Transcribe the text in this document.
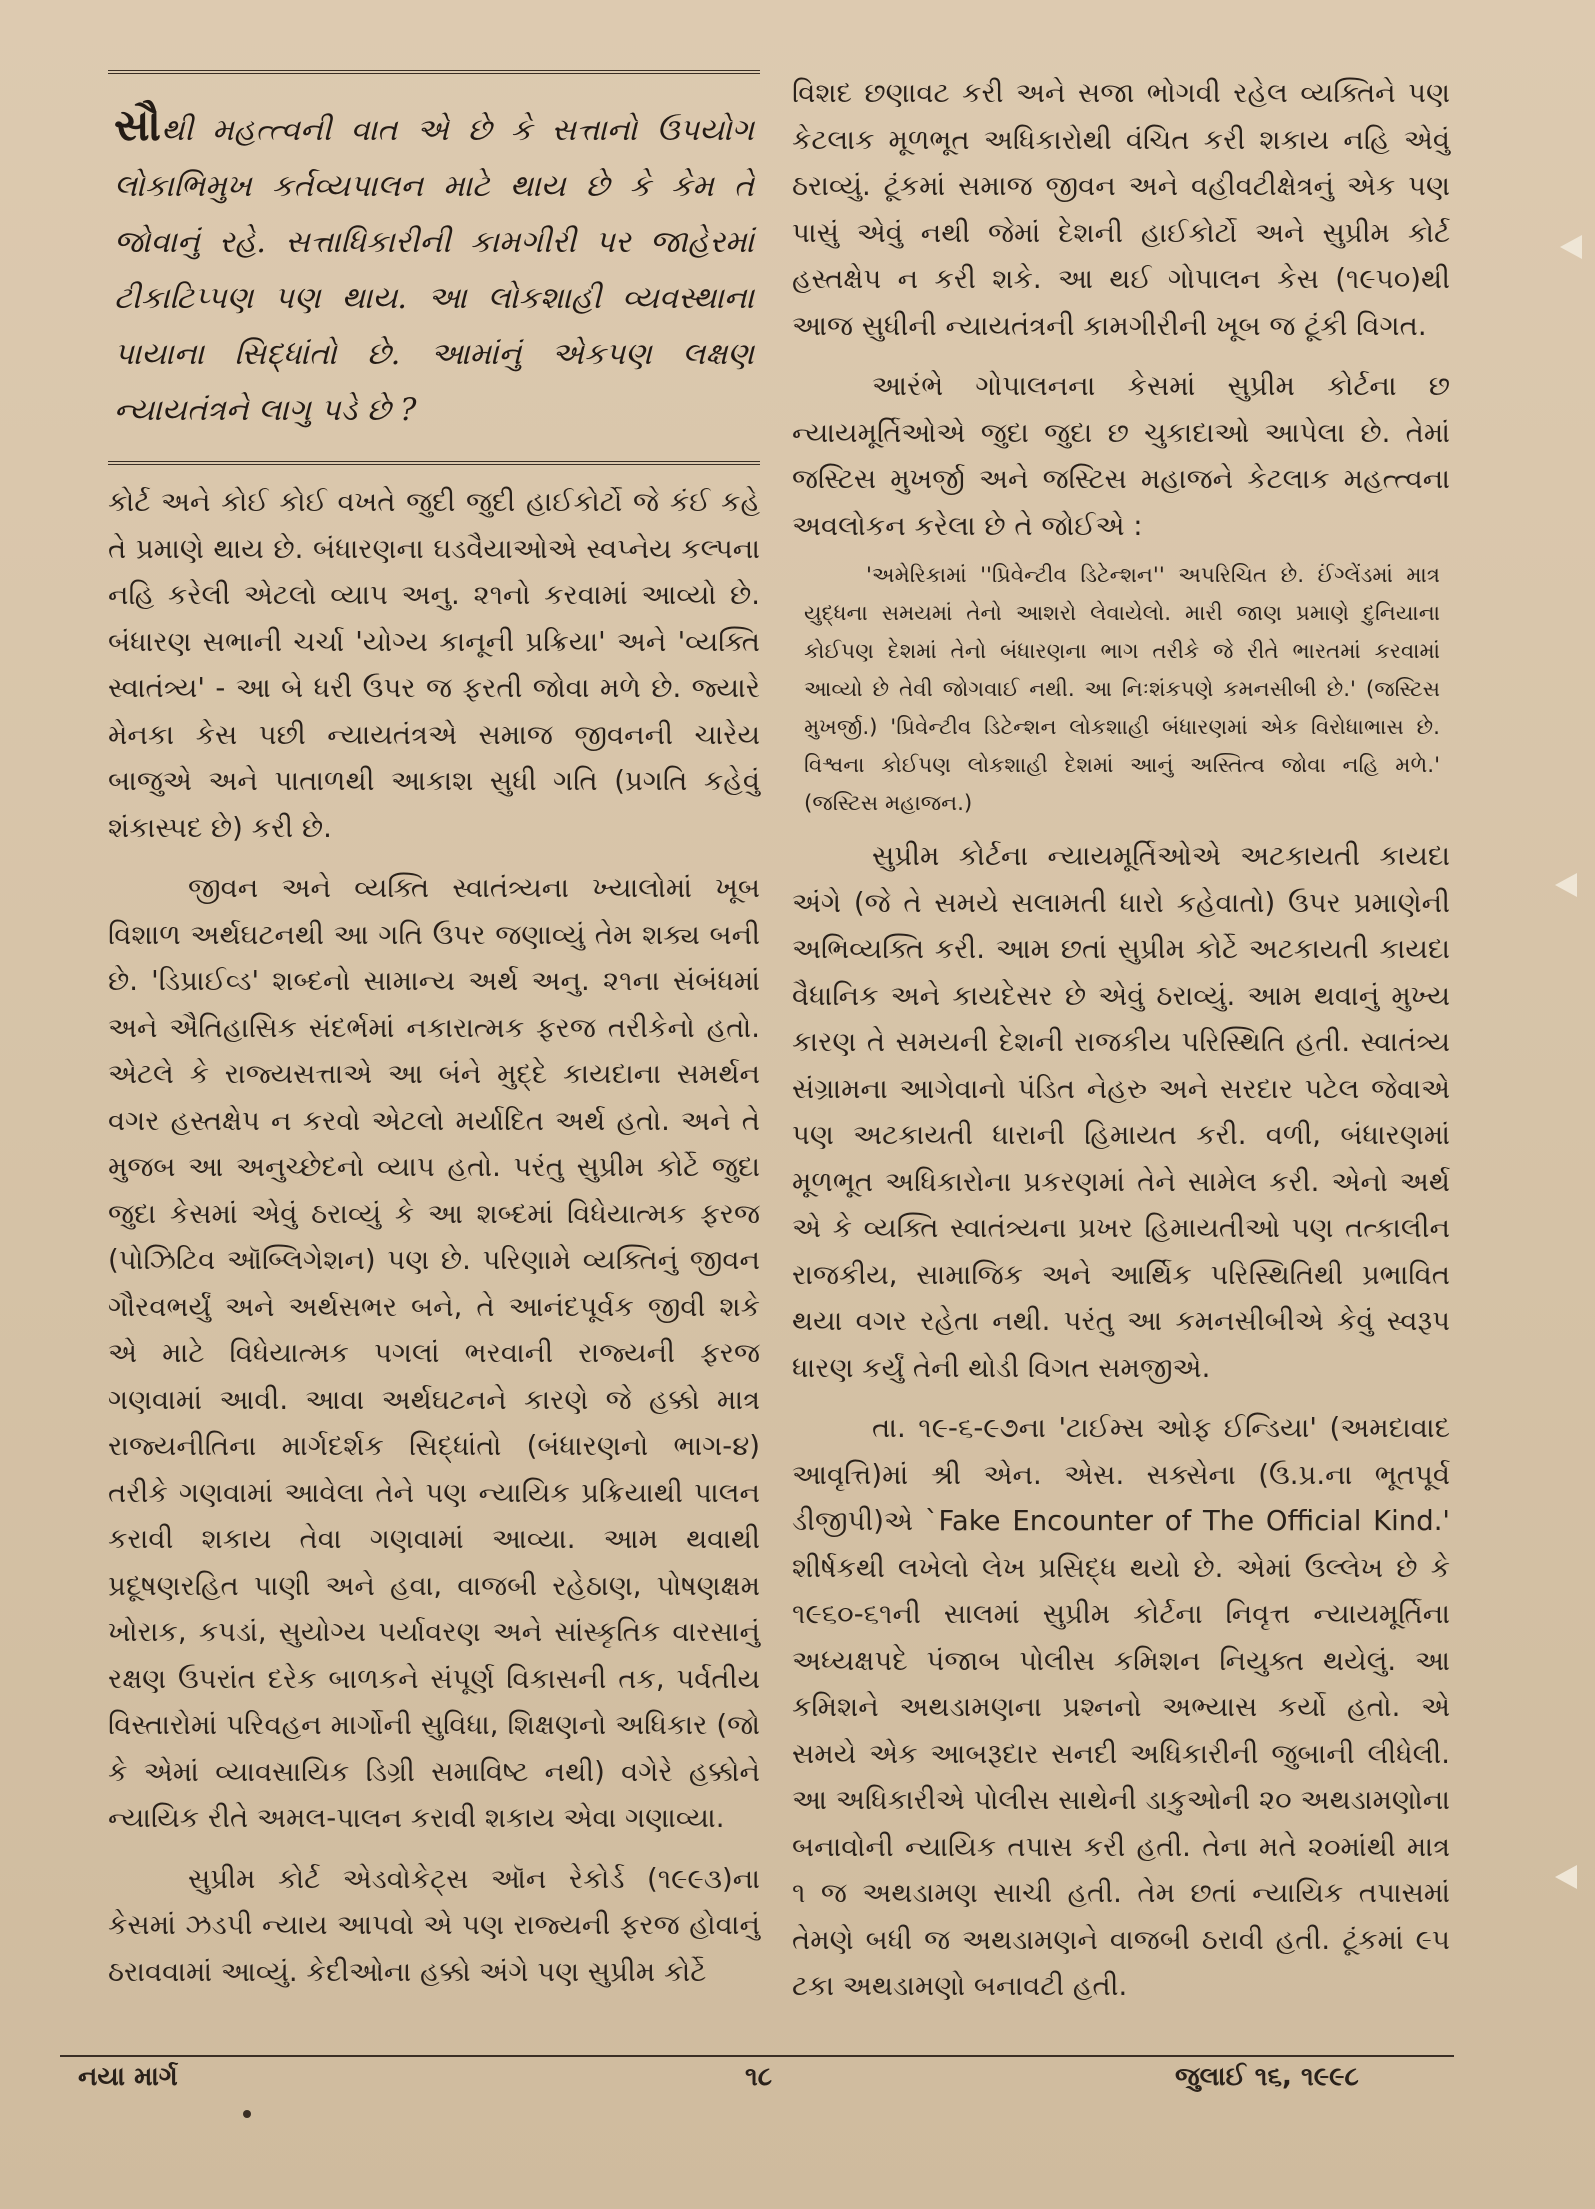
સૌથી મહત્ત્વની વાત એ છે કે સત્તાનો ઉપયોગ લોકાભિમુખ કર્તવ્યપાલન માટે થાય છે કે કેમ તે જોવાનું રહે. સત્તાધિકારીની કામગીરી પર જાહેરમાં ટીકાટિપ્પણ પણ થાય. આ લોકશાહી વ્યવસ્થાના પાયાના સિદ્ધાંતો છે. આમાંનું એકપણ લક્ષણ ન્યાયતંત્રને લાગુ પડે છે ?

કોર્ટ અને કોઈ કોઈ વખતે જુદી જુદી હાઈકોર્ટો જે કંઈ કહે તે પ્રમાણે થાય છે. બંધારણના ઘડવૈયાઓએ સ્વપ્નેય કલ્પના નહિ કરેલી એટલો વ્યાપ અનુ. ૨૧નો કરવામાં આવ્યો છે. બંધારણ સભાની ચર્ચા 'યોગ્ય કાનૂની પ્રક્રિયા' અને 'વ્યક્તિ સ્વાતંત્ર્ય' - આ બે ધરી ઉપર જ ફરતી જોવા મળે છે. જ્યારે મેનકા કેસ પછી ન્યાયતંત્રએ સમાજ જીવનની ચારેય બાજુએ અને પાતાળથી આકાશ સુધી ગતિ (પ્રગતિ કહેવું શંકાસ્પદ છે) કરી છે.

જીવન અને વ્યક્તિ સ્વાતંત્ર્યના ખ્યાલોમાં ખૂબ વિશાળ અર્થઘટનથી આ ગતિ ઉપર જણાવ્યું તેમ શક્ય બની છે. 'ડિપ્રાઈવ્ડ' શબ્દનો સામાન્ય અર્થ અનુ. ૨૧ના સંબંધમાં અને ઐતિહાસિક સંદર્ભમાં નકારાત્મક ફરજ તરીકેનો હતો. એટલે કે રાજ્યસત્તાએ આ બંને મુદ્દે કાયદાના સમર્થન વગર હસ્તક્ષેપ ન કરવો એટલો મર્યાદિત અર્થ હતો. અને તે મુજબ આ અનુચ્છેદનો વ્યાપ હતો. પરંતુ સુપ્રીમ કોર્ટે જુદા જુદા કેસમાં એવું ઠરાવ્યું કે આ શબ્દમાં વિધેયાત્મક ફરજ (પોઝિટિવ ઑબ્લિગેશન) પણ છે. પરિણામે વ્યક્તિનું જીવન ગૌરવભર્યું અને અર્થસભર બને, તે આનંદપૂર્વક જીવી શકે એ માટે વિધેયાત્મક પગલાં ભરવાની રાજ્યની ફરજ ગણવામાં આવી. આવા અર્થઘટનને કારણે જે હક્કો માત્ર રાજ્યનીતિના માર્ગદર્શક સિદ્ધાંતો (બંધારણનો ભાગ-૪) તરીકે ગણવામાં આવેલા તેને પણ ન્યાયિક પ્રક્રિયાથી પાલન કરાવી શકાય તેવા ગણવામાં આવ્યા. આમ થવાથી પ્રદૂષણરહિત પાણી અને હવા, વાજબી રહેઠાણ, પોષણક્ષમ ખોરાક, કપડાં, સુયોગ્ય પર્યાવરણ અને સાંસ્કૃતિક વારસાનું રક્ષણ ઉપરાંત દરેક બાળકને સંપૂર્ણ વિકાસની તક, પર્વતીય વિસ્તારોમાં પરિવહન માર્ગોની સુવિધા, શિક્ષણનો અધિકાર (જો કે એમાં વ્યાવસાયિક ડિગ્રી સમાવિષ્ટ નથી) વગેરે હક્કોને ન્યાયિક રીતે અમલ-પાલન કરાવી શકાય એવા ગણાવ્યા.

સુપ્રીમ કોર્ટ એડવોકેટ્સ ઑન રેકોર્ડ (૧૯૯૩)ના કેસમાં ઝડપી ન્યાય આપવો એ પણ રાજ્યની ફરજ હોવાનું ઠરાવવામાં આવ્યું. કેદીઓના હક્કો અંગે પણ સુપ્રીમ કોર્ટે

વિશદ છણાવટ કરી અને સજા ભોગવી રહેલ વ્યક્તિને પણ કેટલાક મૂળભૂત અધિકારોથી વંચિત કરી શકાય નહિ એવું ઠરાવ્યું. ટૂંકમાં સમાજ જીવન અને વહીવટીક્ષેત્રનું એક પણ પાસું એવું નથી જેમાં દેશની હાઈકોર્ટો અને સુપ્રીમ કોર્ટ હસ્તક્ષેપ ન કરી શકે. આ થઈ ગોપાલન કેસ (૧૯૫૦)થી આજ સુધીની ન્યાયતંત્રની કામગીરીની ખૂબ જ ટૂંકી વિગત.

આરંભે ગોપાલનના કેસમાં સુપ્રીમ કોર્ટના છ ન્યાયમૂર્તિઓએ જુદા જુદા છ ચુકાદાઓ આપેલા છે. તેમાં જસ્ટિસ મુખર્જી અને જસ્ટિસ મહાજને કેટલાક મહત્ત્વના અવલોકન કરેલા છે તે જોઈએ :

'અમેરિકામાં ''પ્રિવેન્ટીવ ડિટેન્શન'' અપરિચિત છે. ઈંગ્લેંડમાં માત્ર યુદ્ધના સમયમાં તેનો આશરો લેવાયેલો. મારી જાણ પ્રમાણે દુનિયાના કોઈપણ દેશમાં તેનો બંધારણના ભાગ તરીકે જે રીતે ભારતમાં કરવામાં આવ્યો છે તેવી જોગવાઈ નથી. આ નિઃશંકપણે કમનસીબી છે.' (જસ્ટિસ મુખર્જી.) 'પ્રિવેન્ટીવ ડિટેન્શન લોકશાહી બંધારણમાં એક વિરોધાભાસ છે. વિશ્વના કોઈપણ લોકશાહી દેશમાં આનું અસ્તિત્વ જોવા નહિ મળે.' (જસ્ટિસ મહાજન.)

સુપ્રીમ કોર્ટના ન્યાયમૂર્તિઓએ અટકાયતી કાયદા અંગે (જે તે સમયે સલામતી ધારો કહેવાતો) ઉપર પ્રમાણેની અભિવ્યક્તિ કરી. આમ છતાં સુપ્રીમ કોર્ટે અટકાયતી કાયદા વૈધાનિક અને કાયદેસર છે એવું ઠરાવ્યું. આમ થવાનું મુખ્ય કારણ તે સમયની દેશની રાજકીય પરિસ્થિતિ હતી. સ્વાતંત્ર્ય સંગ્રામના આગેવાનો પંડિત નેહરુ અને સરદાર પટેલ જેવાએ પણ અટકાયતી ધારાની હિમાયત કરી. વળી, બંધારણમાં મૂળભૂત અધિકારોના પ્રકરણમાં તેને સામેલ કરી. એનો અર્થ એ કે વ્યક્તિ સ્વાતંત્ર્યના પ્રખર હિમાયતીઓ પણ તત્કાલીન રાજકીય, સામાજિક અને આર્થિક પરિસ્થિતિથી પ્રભાવિત થયા વગર રહેતા નથી. પરંતુ આ કમનસીબીએ કેવું સ્વરૂપ ધારણ કર્યું તેની થોડી વિગત સમજીએ.

તા. ૧૯-૬-૯૭ના 'ટાઈમ્સ ઓફ ઈન્ડિયા' (અમદાવાદ આવૃત્તિ)માં શ્રી એન. એસ. સક્સેના (ઉ.પ્ર.ના ભૂતપૂર્વ ડીજીપી)એ `Fake Encounter of The Official Kind.' શીર્ષકથી લખેલો લેખ પ્રસિદ્ધ થયો છે. એમાં ઉલ્લેખ છે કે ૧૯૬૦-૬૧ની સાલમાં સુપ્રીમ કોર્ટના નિવૃત્ત ન્યાયમૂર્તિના અધ્યક્ષપદે પંજાબ પોલીસ કમિશન નિયુક્ત થયેલું. આ કમિશને અથડામણના પ્રશ્નનો અભ્યાસ કર્યો હતો. એ સમયે એક આબરૂદાર સનદી અધિકારીની જુબાની લીધેલી. આ અધિકારીએ પોલીસ સાથેની ડાકુઓની ૨૦ અથડામણોના બનાવોની ન્યાયિક તપાસ કરી હતી. તેના મતે ૨૦માંથી માત્ર ૧ જ અથડામણ સાચી હતી. તેમ છતાં ન્યાયિક તપાસમાં તેમણે બધી જ અથડામણને વાજબી ઠરાવી હતી. ટૂંકમાં ૯૫ ટકા અથડામણો બનાવટી હતી.

નયા માર્ગ	૧૮	જુલાઈ ૧૬, ૧૯૯૮
